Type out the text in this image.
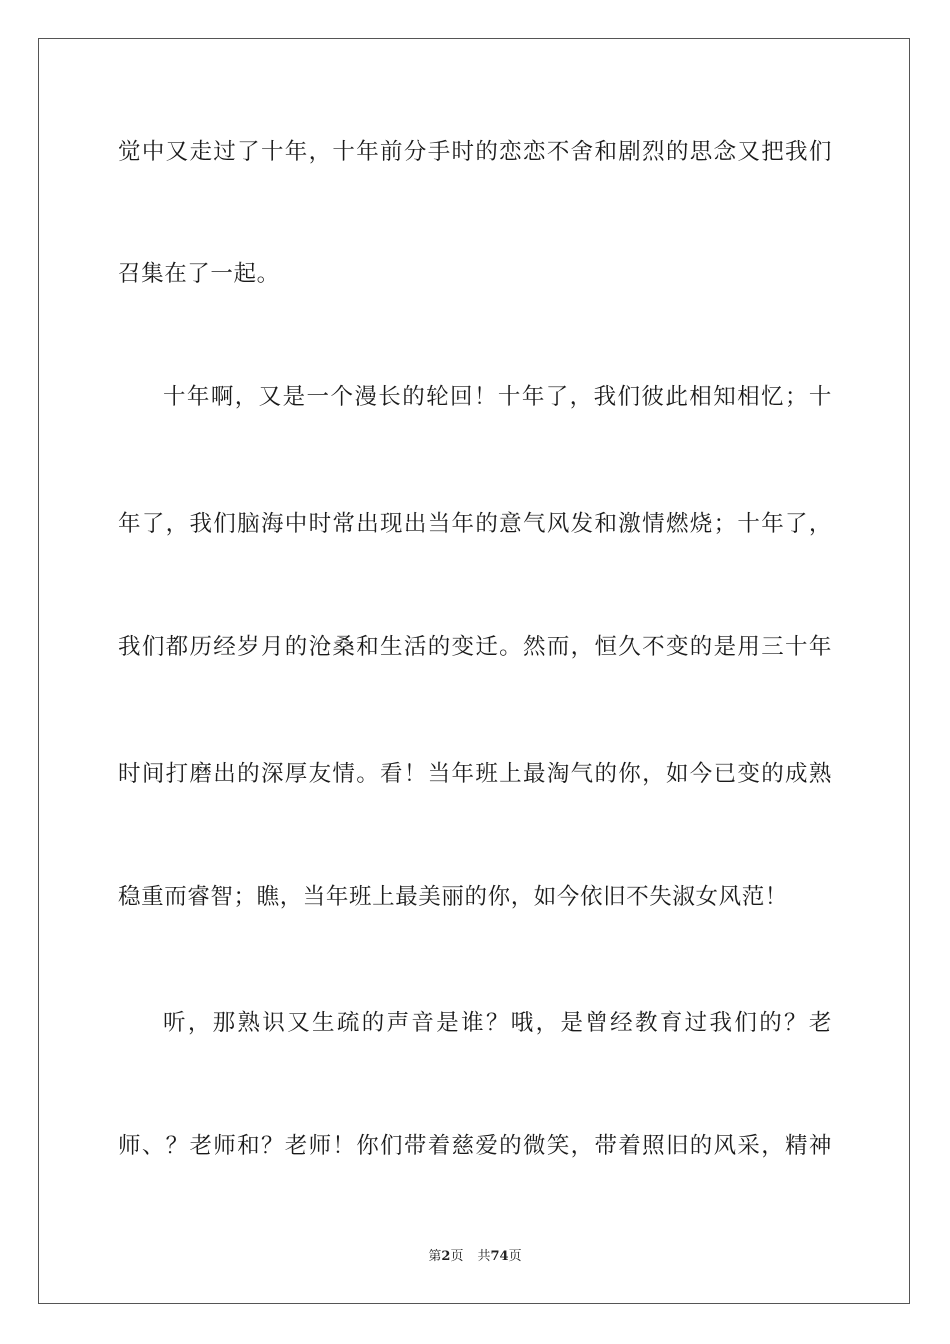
觉中又走过了十年，十年前分手时的恋恋不舍和剧烈的思念又把我们
召集在了一起。
十年啊，又是一个漫长的轮回！十年了，我们彼此相知相忆；十
年了，我们脑海中时常出现出当年的意气风发和激情燃烧；十年了，
我们都历经岁月的沧桑和生活的变迁。然而，恒久不变的是用三十年
时间打磨出的深厚友情。看！当年班上最淘气的你，如今已变的成熟
稳重而睿智；瞧，当年班上最美丽的你，如今依旧不失淑女风范！
听，那熟识又生疏的声音是谁？哦，是曾经教育过我们的？老
师、？老师和？老师！你们带着慈爱的微笑，带着照旧的风采，精神
第2页 共74页
